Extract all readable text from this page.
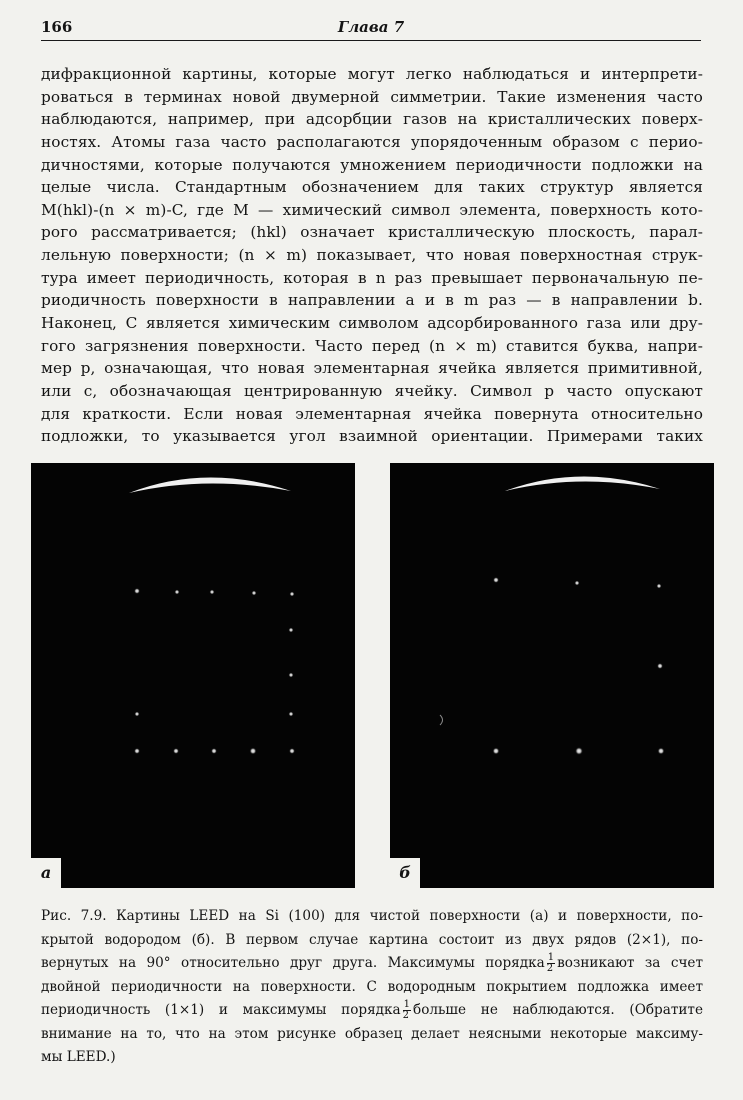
166	Глава 7
дифракционной картины, которые могут легко наблюдаться и интерпрети-
роваться в терминах новой двумерной симметрии. Такие изменения часто
наблюдаются, например, при адсорбции газов на кристаллических поверх-
ностях. Атомы газа часто располагаются упорядоченным образом с перио-
дичностями, которые получаются умножением периодичности подложки на
целые числа. Стандартным обозначением для таких структур является
M(hkl)-(n × m)-C, где M — химический символ элемента, поверхность кото-
рого рассматривается; (hkl) означает кристаллическую плоскость, парал-
лельную поверхности; (n × m) показывает, что новая поверхностная струк-
тура имеет периодичность, которая в n раз превышает первоначальную пе-
риодичность поверхности в направлении a и в m раз — в направлении b.
Наконец, C является химическим символом адсорбированного газа или дру-
гого загрязнения поверхности. Часто перед (n × m) ставится буква, напри-
мер p, означающая, что новая элементарная ячейка является примитивной,
или c, обозначающая центрированную ячейку. Символ p часто опускают
для краткости. Если новая элементарная ячейка повернута относительно
подложки, то указывается угол взаимной ориентации. Примерами таких
а	б
Рис. 7.9. Картины LEED на Si (100) для чистой поверхности (а) и поверхности, по-
крытой водородом (б). В первом случае картина состоит из двух рядов (2×1), по-
вернутых на 90° относительно друг друга. Максимумы порядка $\frac{1}{2}$ возникают за счет
двойной периодичности на поверхности. С водородным покрытием подложка имеет
периодичность (1×1) и максимумы порядка $\frac{1}{2}$ больше не наблюдаются. (Обратите
внимание на то, что на этом рисунке образец делает неясными некоторые максиму-
мы LEED.)
